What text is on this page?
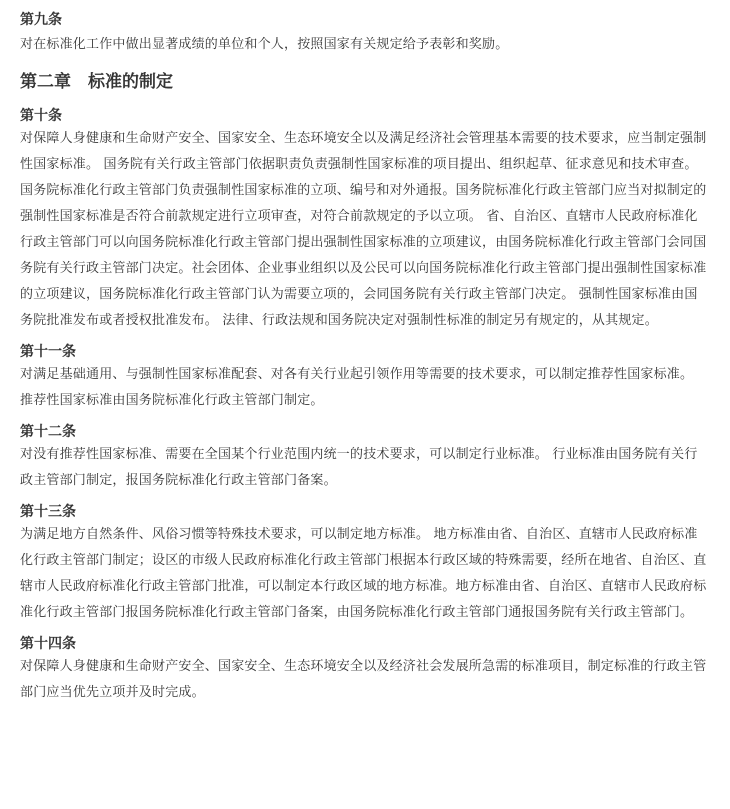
第九条
对在标准化工作中做出显著成绩的单位和个人，按照国家有关规定给予表彰和奖励。
第二章　标准的制定
第十条
对保障人身健康和生命财产安全、国家安全、生态环境安全以及满足经济社会管理基本需要的技术要求，应当制定强制性国家标准。 国务院有关行政主管部门依据职责负责强制性国家标准的项目提出、组织起草、征求意见和技术审查。国务院标准化行政主管部门负责强制性国家标准的立项、编号和对外通报。国务院标准化行政主管部门应当对拟制定的强制性国家标准是否符合前款规定进行立项审查，对符合前款规定的予以立项。 省、自治区、直辖市人民政府标准化行政主管部门可以向国务院标准化行政主管部门提出强制性国家标准的立项建议，由国务院标准化行政主管部门会同国务院有关行政主管部门决定。社会团体、企业事业组织以及公民可以向国务院标准化行政主管部门提出强制性国家标准的立项建议，国务院标准化行政主管部门认为需要立项的，会同国务院有关行政主管部门决定。 强制性国家标准由国务院批准发布或者授权批准发布。 法律、行政法规和国务院决定对强制性标准的制定另有规定的，从其规定。
第十一条
对满足基础通用、与强制性国家标准配套、对各有关行业起引领作用等需要的技术要求，可以制定推荐性国家标准。 推荐性国家标准由国务院标准化行政主管部门制定。
第十二条
对没有推荐性国家标准、需要在全国某个行业范围内统一的技术要求，可以制定行业标准。 行业标准由国务院有关行政主管部门制定，报国务院标准化行政主管部门备案。
第十三条
为满足地方自然条件、风俗习惯等特殊技术要求，可以制定地方标准。 地方标准由省、自治区、直辖市人民政府标准化行政主管部门制定；设区的市级人民政府标准化行政主管部门根据本行政区域的特殊需要，经所在地省、自治区、直辖市人民政府标准化行政主管部门批准，可以制定本行政区域的地方标准。地方标准由省、自治区、直辖市人民政府标准化行政主管部门报国务院标准化行政主管部门备案，由国务院标准化行政主管部门通报国务院有关行政主管部门。
第十四条
对保障人身健康和生命财产安全、国家安全、生态环境安全以及经济社会发展所急需的标准项目，制定标准的行政主管部门应当优先立项并及时完成。
